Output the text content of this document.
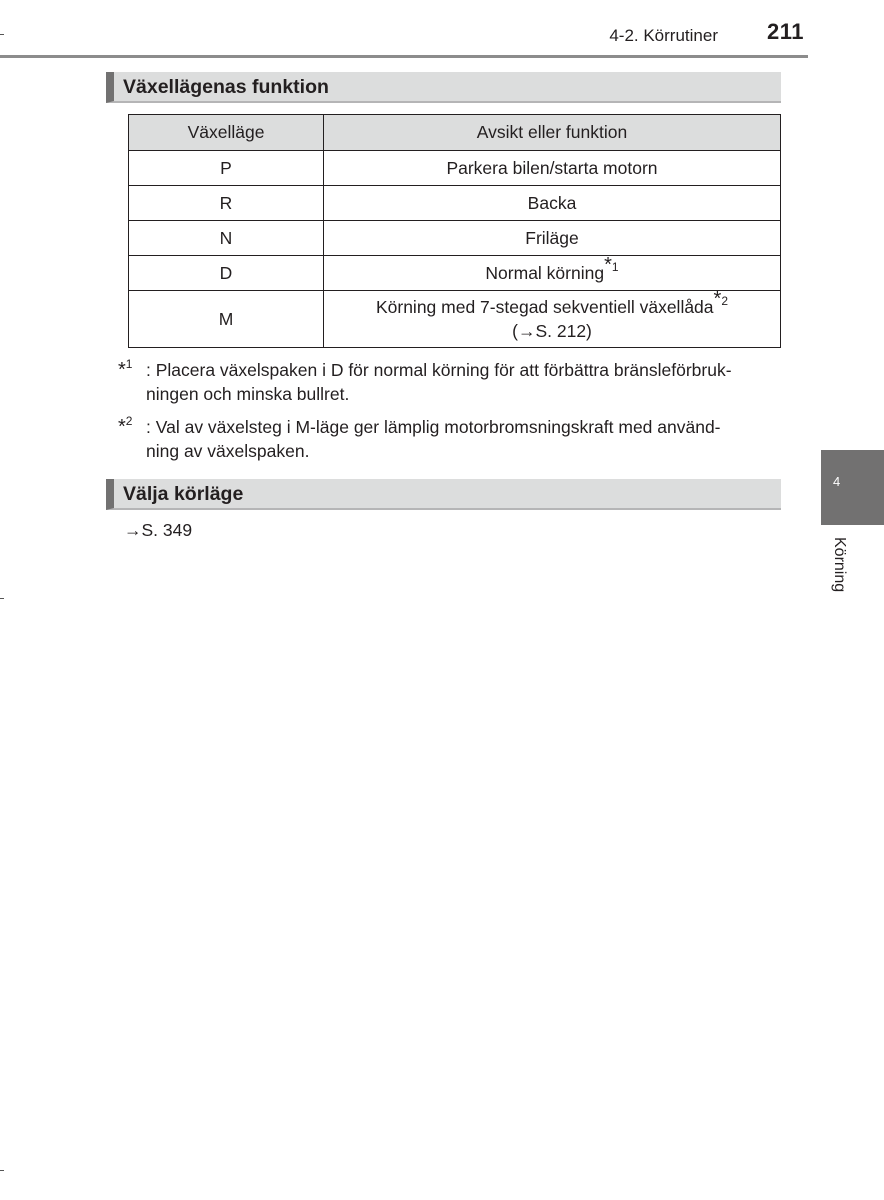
4-2. Körrutiner 211
Växellägenas funktion
Växelläge	Avsikt eller funktion
P	Parkera bilen/starta motorn
R	Backa
N	Friläge
D	Normal körning$^{*1}$
M	Körning med 7-stegad sekventiell växellåda$^{*2}$
(→S. 212)
*$^1$ : Placera växelspaken i D för normal körning för att förbättra bränsleförbruk-
ningen och minska bullret.
*$^2$ : Val av växelsteg i M-läge ger lämplig motorbromsningskraft med använd-
ning av växelspaken.
Välja körläge
→S. 349
4
Körning
